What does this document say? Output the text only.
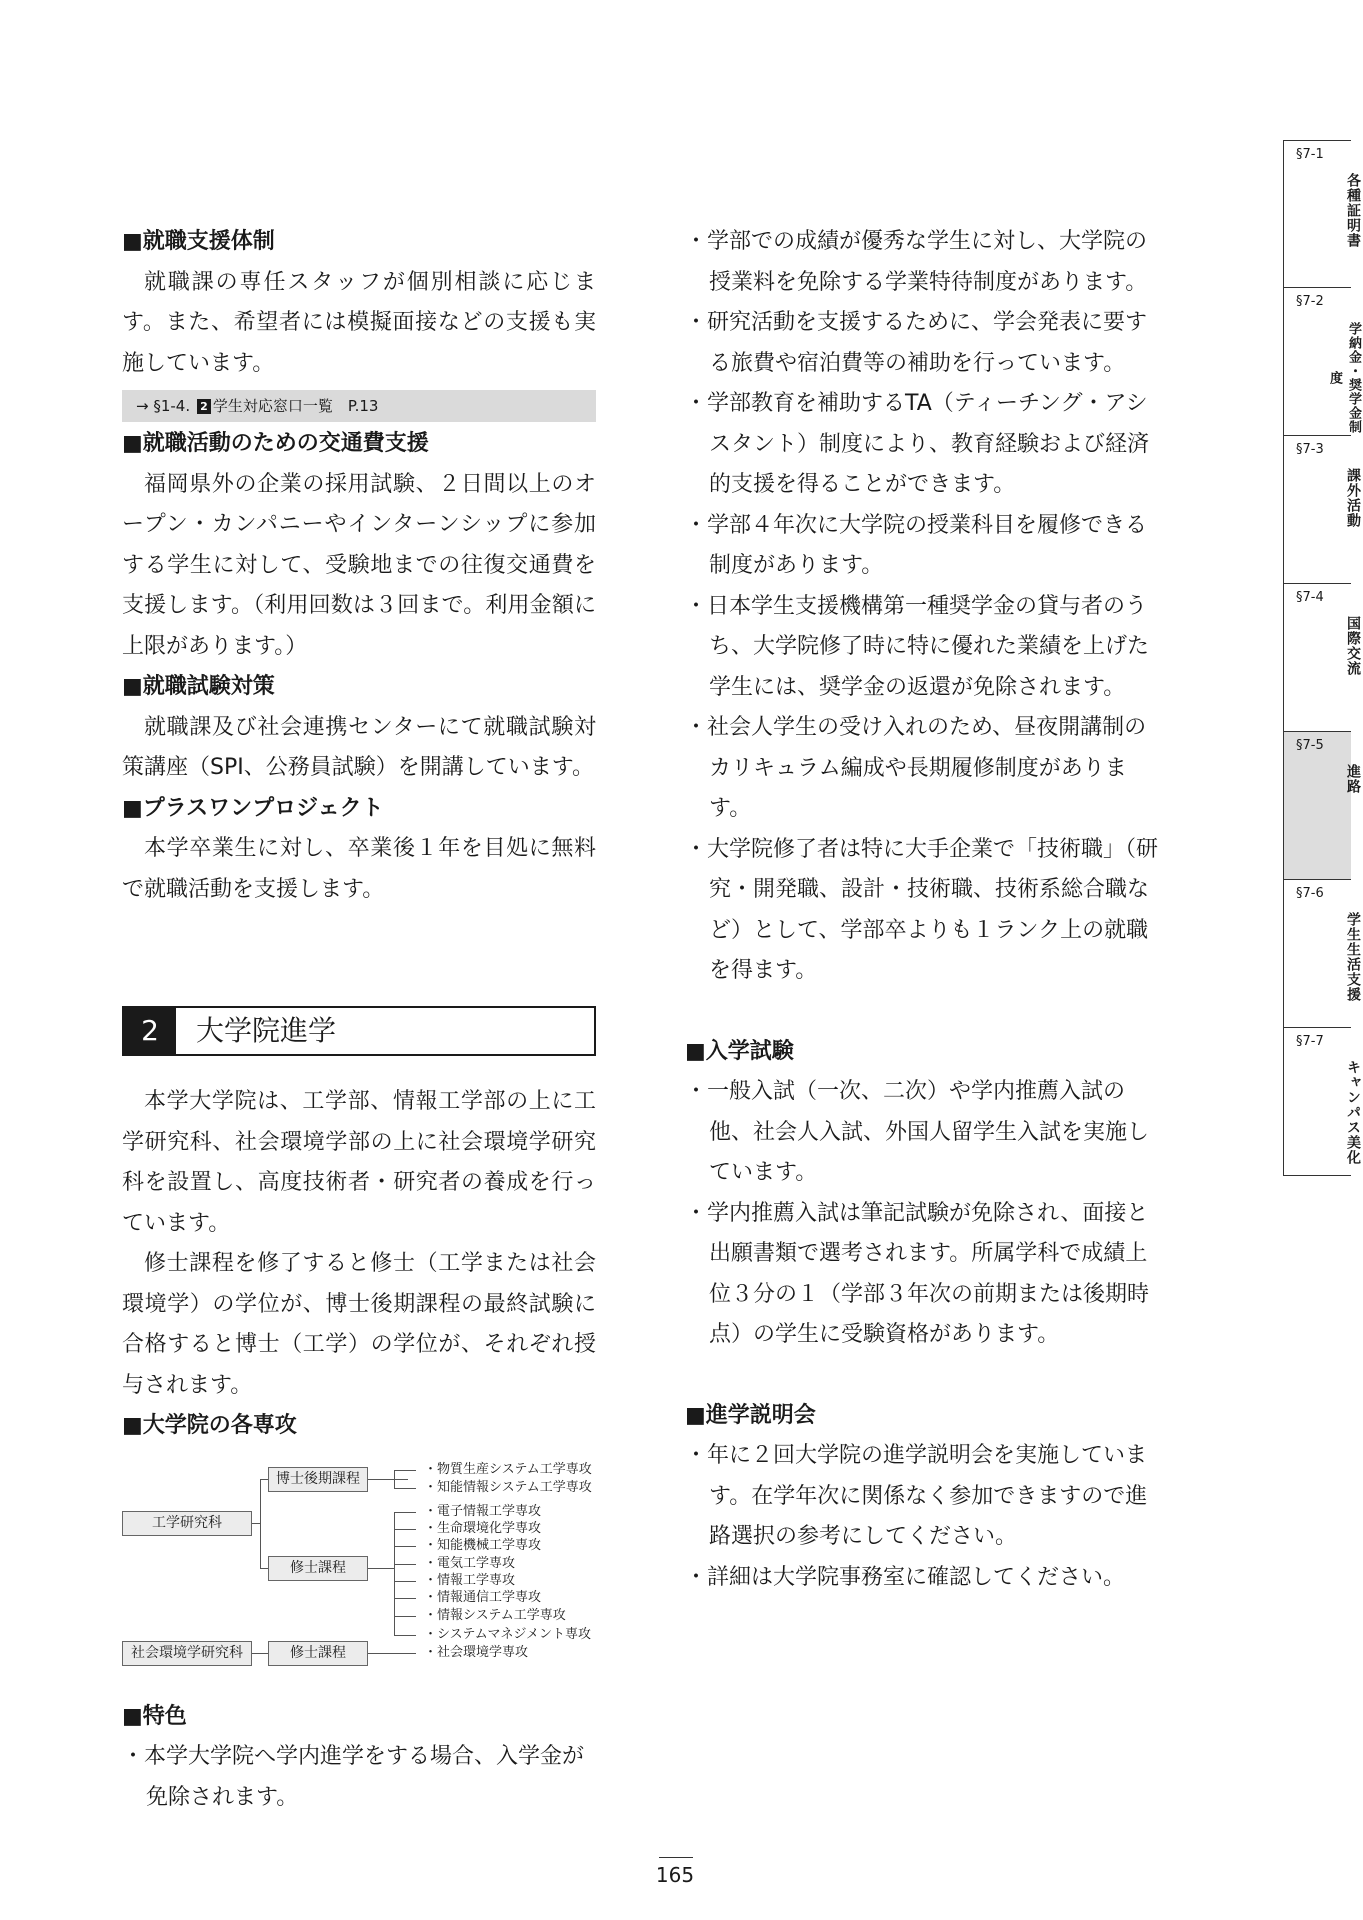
■就職支援体制

就職課の専任スタッフが個別相談に応じます。また、希望者には模擬面接などの支援も実施しています。

→ §1-4. 2 学生対応窓口一覧　P.13
■就職活動のための交通費支援

福岡県外の企業の採用試験、２日間以上のオープン・カンパニーやインターンシップに参加する学生に対して、受験地までの往復交通費を支援します。（利用回数は３回まで。利用金額に上限があります。）

■就職試験対策

就職課及び社会連携センターにて就職試験対策講座（SPI、公務員試験）を開講しています。

■プラスワンプロジェクト

本学卒業生に対し、卒業後１年を目処に無料で就職活動を支援します。

2	大学院進学

本学大学院は、工学部、情報工学部の上に工学研究科、社会環境学部の上に社会環境学研究科を設置し、高度技術者・研究者の養成を行っています。

修士課程を修了すると修士（工学または社会環境学）の学位が、博士後期課程の最終試験に合格すると博士（工学）の学位が、それぞれ授与されます。

■大学院の各専攻
工学研究科
博士後期課程
修士課程
社会環境学研究科	修士課程
・物質生産システム工学専攻
・知能情報システム工学専攻
・電子情報工学専攻
・生命環境化学専攻
・知能機械工学専攻
・電気工学専攻
・情報工学専攻
・情報通信工学専攻
・情報システム工学専攻
・システムマネジメント専攻
・社会環境学専攻
■特色

・本学大学院へ学内進学をする場合、入学金が免除されます。

・学部での成績が優秀な学生に対し、大学院の授業料を免除する学業特待制度があります。

・研究活動を支援するために、学会発表に要する旅費や宿泊費等の補助を行っています。

・学部教育を補助するTA（ティーチング・アシスタント）制度により、教育経験および経済的支援を得ることができます。

・学部４年次に大学院の授業科目を履修できる制度があります。

・日本学生支援機構第一種奨学金の貸与者のうち、大学院修了時に特に優れた業績を上げた学生には、奨学金の返還が免除されます。

・社会人学生の受け入れのため、昼夜開講制のカリキュラム編成や長期履修制度があります。

・大学院修了者は特に大手企業で「技術職」（研究・開発職、設計・技術職、技術系総合職など）として、学部卒よりも１ランク上の就職を得ます。

■入学試験

・一般入試（一次、二次）や学内推薦入試の他、社会人入試、外国人留学生入試を実施しています。

・学内推薦入試は筆記試験が免除され、面接と出願書類で選考されます。所属学科で成績上位３分の１（学部３年次の前期または後期時点）の学生に受験資格があります。

■進学説明会

・年に２回大学院の進学説明会を実施しています。在学年次に関係なく参加できますので進路選択の参考にしてください。

・詳細は大学院事務室に確認してください。

§7-1
各種証明書
§7-2
学納金・奨学金制度
§7-3
課外活動
§7-4
国際交流
§7-5
進路
§7-6
学生生活支援
§7-7
キャンパス美化
165
